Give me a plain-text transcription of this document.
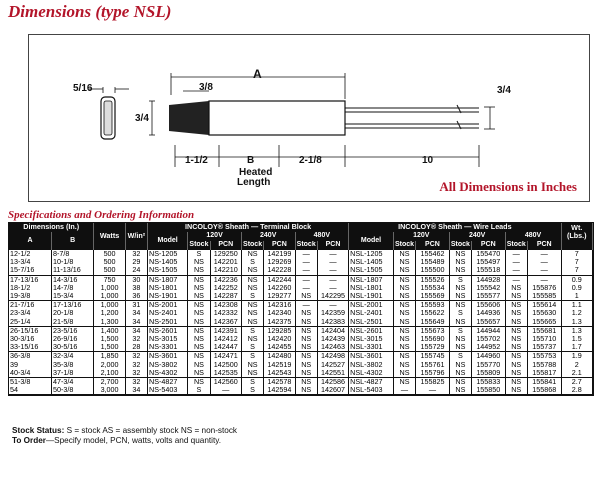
Dimensions (type NSL)
5/16
A
3/8
3/4
3/4
1-1/2	B
Heated
Length
2-1/8	10
All Dimensions in Inches
Specifications and Ordering Information
Dimensions (In.)		Watts	W/in²	INCOLOY® Sheath — Terminal Block							INCOLOY® Sheath — Wire Leads							Wt.
(Lbs.)
A	B			Model	120V		240V		480V		Model	120V		240V		480V		
					Stock	PCN	Stock	PCN	Stock	PCN		Stock	PCN	Stock	PCN	Stock	PCN	
12-1/2	8-7/8	500	32	NS-1205	S	129250	NS	142199	—	—	NSL-1205	NS	155462	NS	155470	—	—	7
13-3/4	10-1/8	500	29	NS-1405	NS	142201	S	129269	—	—	NSL-1405	NS	155489	NS	155497	—	—	7
15-7/16	11-13/16	500	24	NS-1505	NS	142210	NS	142228	—	—	NSL-1505	NS	155500	NS	155518	—	—	7
17-13/16	14-3/16	750	30	NS-1807	NS	142236	NS	142244	—	—	NSL-1807	NS	155526	S	144928	—	—	0.9
18-1/2	14-7/8	1,000	38	NS-1801	NS	142252	NS	142260	—	—	NSL-1801	NS	155534	NS	155542	NS	155876	0.9
19-3/8	15-3/4	1,000	36	NS-1901	NS	142287	S	129277	NS	142295	NSL-1901	NS	155569	NS	155577	NS	155585	1
21-7/16	17-13/16	1,000	31	NS-2001	NS	142308	NS	142316	—	—	NSL-2001	NS	155593	NS	155606	NS	155614	1.1
23-3/4	20-1/8	1,200	34	NS-2401	NS	142332	NS	142340	NS	142359	NSL-2401	NS	155622	S	144936	NS	155630	1.2
25-1/4	21-5/8	1,300	34	NS-2501	NS	142367	NS	142375	NS	142383	NSL-2501	NS	155649	NS	155657	NS	155665	1.3
26-15/16	23-5/16	1,400	34	NS-2601	NS	142391	S	129285	NS	142404	NSL-2601	NS	155673	S	144944	NS	155681	1.3
30-3/16	26-9/16	1,500	32	NS-3015	NS	142412	NS	142420	NS	142439	NSL-3015	NS	155690	NS	155702	NS	155710	1.5
33-15/16	30-5/16	1,500	28	NS-3301	NS	142447	S	142455	NS	142463	NSL-3301	NS	155729	NS	144952	NS	155737	1.7
36-3/8	32-3/4	1,850	32	NS-3601	NS	142471	S	142480	NS	142498	NSL-3601	NS	155745	S	144960	NS	155753	1.9
39	35-3/8	2,000	32	NS-3802	NS	142500	NS	142519	NS	142527	NSL-3802	NS	155761	NS	155770	NS	155788	2
40-3/4	37-1/8	2,100	32	NS-4302	NS	142535	NS	142543	NS	142551	NSL-4302	NS	155796	NS	155809	NS	155817	2.1
51-3/8	47-3/4	2,700	32	NS-4827	NS	142560	S	142578	NS	142586	NSL-4827	NS	155825	NS	155833	NS	155841	2.7
54	50-3/8	3,000	34	NS-5403	S	—	S	142594	NS	142607	NSL-5403	—	—	NS	155850	NS	155868	2.8
Stock Status: S = stock AS = assembly stock NS = non-stock
To Order—Specify model, PCN, watts, volts and quantity.
